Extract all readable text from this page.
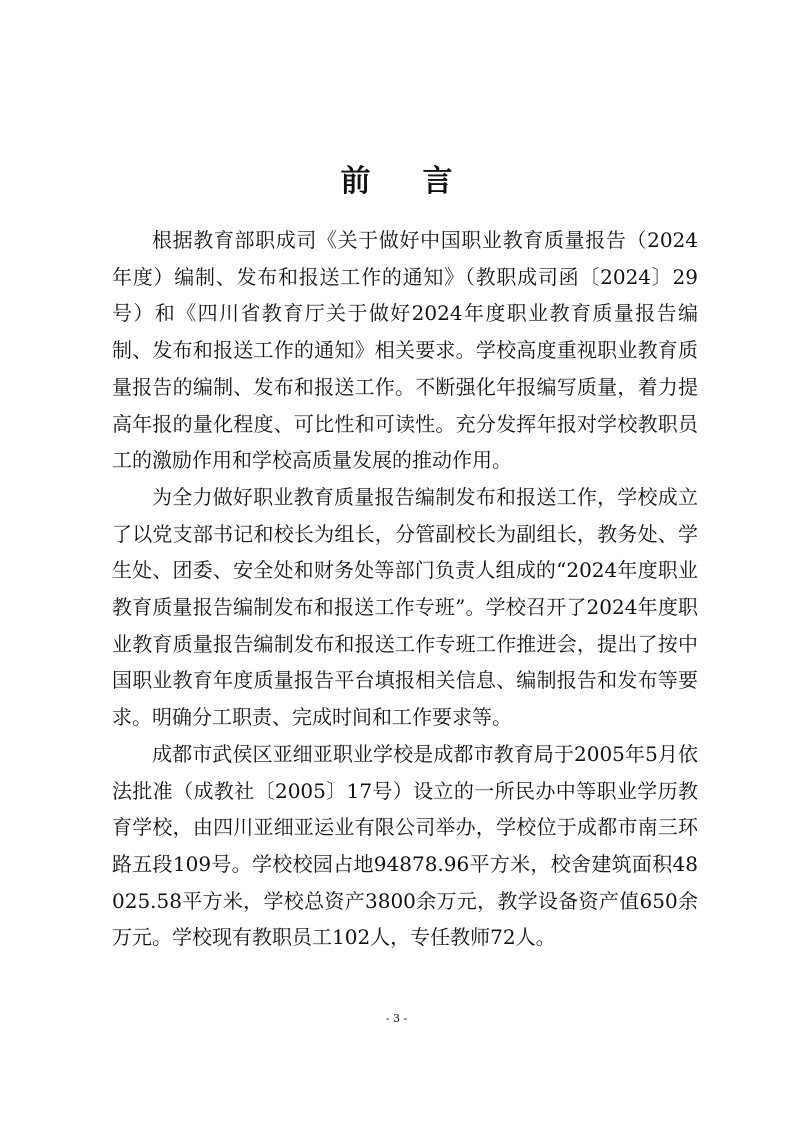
前言

根据教育部职成司《关于做好中国职业教育质量报告（2024年度）编制、发布和报送工作的通知》（教职成司函〔2024〕29号）和《四川省教育厅关于做好2024年度职业教育质量报告编制、发布和报送工作的通知》相关要求。学校高度重视职业教育质量报告的编制、发布和报送工作。不断强化年报编写质量，着力提高年报的量化程度、可比性和可读性。充分发挥年报对学校教职员工的激励作用和学校高质量发展的推动作用。

为全力做好职业教育质量报告编制发布和报送工作，学校成立了以党支部书记和校长为组长，分管副校长为副组长，教务处、学生处、团委、安全处和财务处等部门负责人组成的“2024年度职业教育质量报告编制发布和报送工作专班”。学校召开了2024年度职业教育质量报告编制发布和报送工作专班工作推进会，提出了按中国职业教育年度质量报告平台填报相关信息、编制报告和发布等要求。明确分工职责、完成时间和工作要求等。

成都市武侯区亚细亚职业学校是成都市教育局于2005年5月依法批准（成教社〔2005〕17号）设立的一所民办中等职业学历教育学校，由四川亚细亚运业有限公司举办，学校位于成都市南三环路五段109号。学校校园占地94878.96平方米，校舍建筑面积48025.58平方米，学校总资产3800余万元，教学设备资产值650余万元。学校现有教职员工102人，专任教师72人。

- 3 -
